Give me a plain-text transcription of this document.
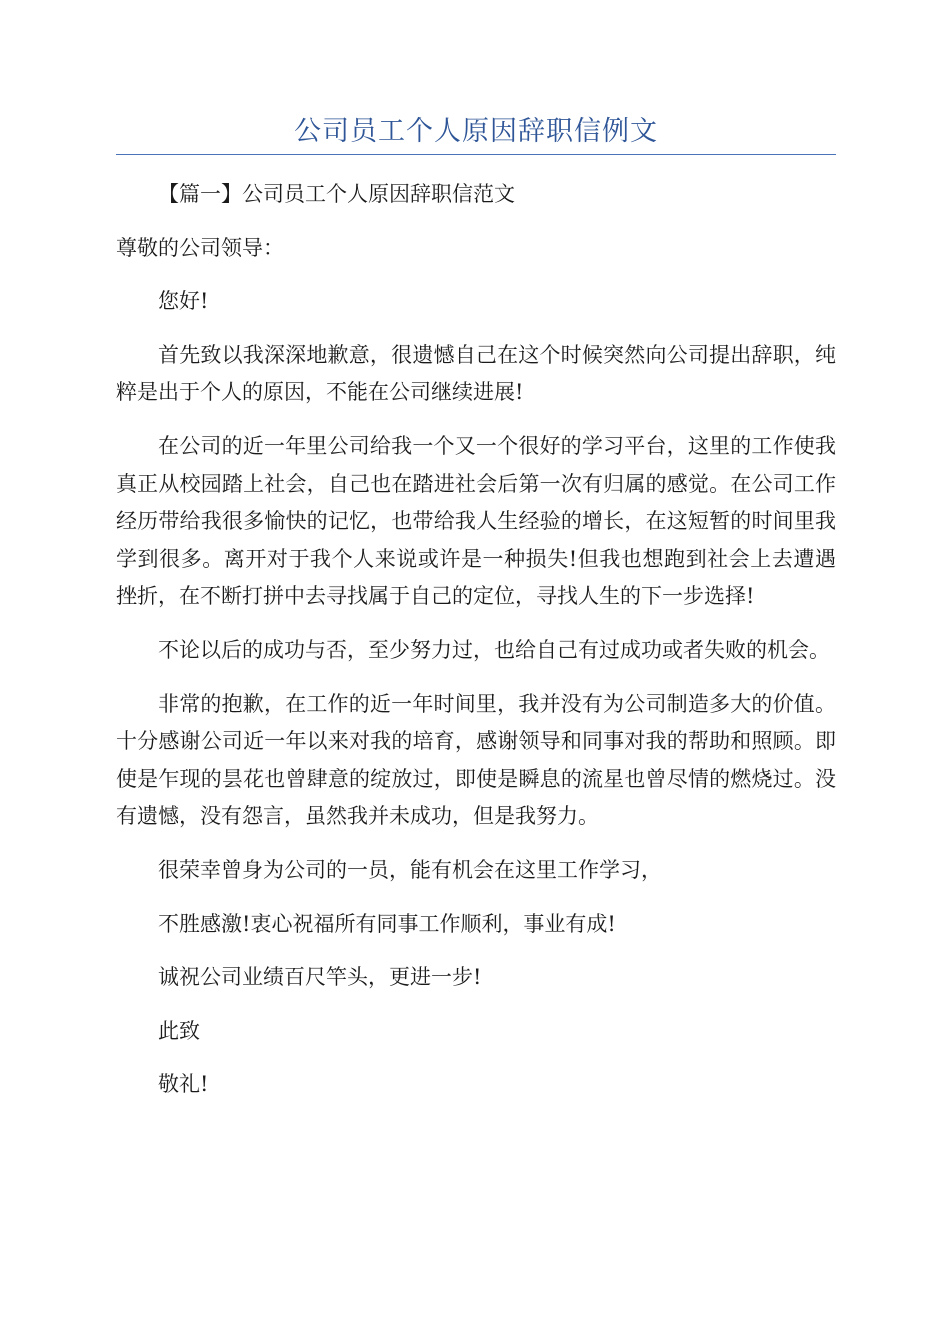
公司员工个人原因辞职信例文

【篇一】公司员工个人原因辞职信范文

尊敬的公司领导：

您好!

首先致以我深深地歉意，很遗憾自己在这个时候突然向公司提出辞职，纯粹是出于个人的原因，不能在公司继续进展!

在公司的近一年里公司给我一个又一个很好的学习平台，这里的工作使我真正从校园踏上社会，自己也在踏进社会后第一次有归属的感觉。在公司工作经历带给我很多愉快的记忆，也带给我人生经验的增长，在这短暂的时间里我学到很多。离开对于我个人来说或许是一种损失!但我也想跑到社会上去遭遇挫折，在不断打拼中去寻找属于自己的定位，寻找人生的下一步选择!

不论以后的成功与否，至少努力过，也给自己有过成功或者失败的机会。

非常的抱歉，在工作的近一年时间里，我并没有为公司制造多大的价值。十分感谢公司近一年以来对我的培育，感谢领导和同事对我的帮助和照顾。即使是乍现的昙花也曾肆意的绽放过，即使是瞬息的流星也曾尽情的燃烧过。没有遗憾，没有怨言，虽然我并未成功，但是我努力。

很荣幸曾身为公司的一员，能有机会在这里工作学习，

不胜感激!衷心祝福所有同事工作顺利，事业有成!

诚祝公司业绩百尺竿头，更进一步!

此致

敬礼!
